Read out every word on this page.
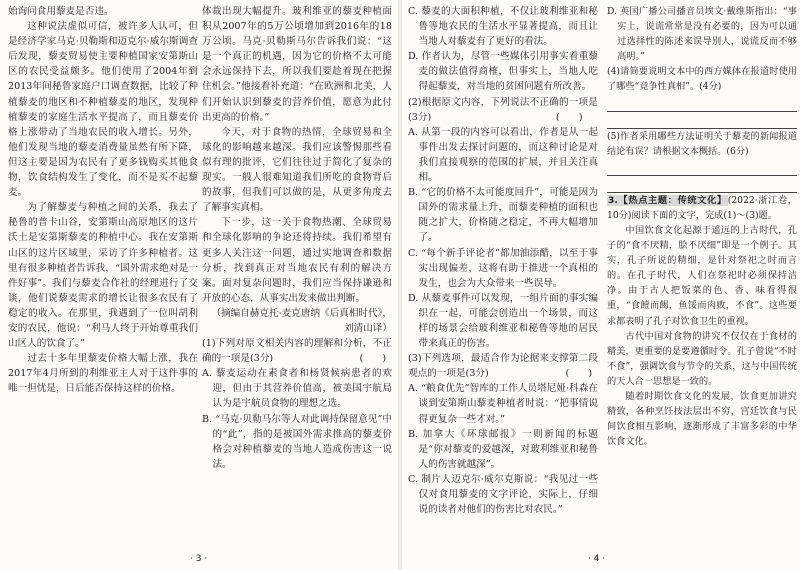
始询问食用藜麦是否违。

这种说法虚似可信，被许多人认可，但是经济学家马克·贝勒斯和迈克尔·威尔斯调查后发现，藜麦贸易使主要种植国家安第斯山区的农民受益颇多。他们使用了2004年到2013年间秘鲁家庭户口调查数据，比较了种植藜麦的地区和不种植藜麦的地区，发现种植藜麦的家庭生活水平提高了，而且藜麦价格上涨带动了当地农民的收入增长。另外，他们发现当地的藜麦消费量虽然有所下降，但这主要是因为农民有了更多钱购买其他食物，饮食结构发生了变化，而不是买不起藜麦。

为了解藜麦与种植之间的关系，我去了秘鲁的普卡山谷，安第斯山高原地区的这片沃土是安第斯藜麦的种植中心。我在安第斯山区的这片区域里，采访了许多种植者。这里有很多种植者告诉我，“国外需求绝对是一件好事”。我们与藜麦合作社的经理进行了交谈，他们说藜麦需求的增长让很多农民有了稳定的收入。在那里，我遇到了一位叫胡利安的农民，他说：“利马人终于开始尊重我们山区人的饮食了。”

过去十多年里藜麦价格大幅上涨，我在2017年4月所到的利维亚主人对于这件事的唯一担忧是，日后能否保持这样的价格。

体裁出现大幅提升。玻利维亚的藜麦种植面积从2007年的5万公顷增加到2016年的18万公顷。马克·贝勒斯马尔告诉我们说：“这是一个真正的机遇，因为它的价格不太可能会永远保持下去，所以我们要趁着现在把握住机会。”他接着补充道：“在欧洲和北美，人们开始认识到藜麦的营养价值，愿意为此付出更高的价格。”

今天，对于食物的热情，全球贸易和全球化的影响越来越深。我们应该警惕那些看似有理的批评，它们往往过于简化了复杂的现实。一般人很难知道我们所吃的食物背后的故事，但我们可以做的是，从更多角度去了解事实真相。

下一步，这一关于食物热潮、全球贸易和全球化影响的争论还将持续。我们希望有更多人关注这一问题，通过实地调查和数据分析，找到真正对当地农民有利的解决方案。面对复杂问题时，我们应当保持谦逊和开放的心态，从事实出发来做出判断。

（摘编自赫克托·麦克唐纳《后真相时代》，刘清山译）

(1)下列对原文相关内容的理解和分析，不正确的一项是(3分)　　　　　　　　　(　　)

A. 藜麦运动在素食者和杨贤候病患者的欢迎，但由于其营养价值高，被美国宇航局认为是宇航员食物的理想之选。

B. “马克·贝勒马尔等人对此调持保留意见”中的“此”，指的是被国外需求推高的藜麦价格会对种植藜麦的当地人造成伤害这一说法。

· 3 ·

C. 藜麦的大面积种植，不仅让玻利维亚和秘鲁等地农民的生活水平显著提高，而且让当地人对藜麦有了更好的看法。

D. 作者认为，尽管一些媒体引用事实着重藜麦的做法值得商榷，但事实上，当地人吃得起藜麦，对当地的贫困问题有所改善。

(2)根据原文内容，下列说法不正确的一项是(3分)　　　　　　　　　　　　　(　　)

A. 从第一段的内容可以看出，作者是从一起事件出发去探讨问题的，而这种讨论是对我们直接观察的范围的扩展，并且关注真相。

B. “它的价格不太可能度回升”，可能是因为国外的需求量上升，而藜麦种植的面积也随之扩大，价格随之稳定，不再大幅增加了。

C. “每个新手评论者”都加油添醋，以至于事实出现偏差，这将有助于推进一个真相的发生，也会为大众带来一些误导。

D. 从藜麦事件可以发现，一组片面的事实编织在一起，可能会创造出一个场景，而这样的场景会给玻利维亚和秘鲁等地的居民带来真正的伤害。

(3)下列选项，最适合作为论据来支撑第二段观点的一项是(3分)　　　　　　　　(　　)

A. “粮食优先”智库的工作人员塔尼娅·科森在谈到安第斯山藜麦种植者时说：“把事情说得更复杂一些才对。”

B. 加拿大《环球邮报》一则新闻的标题是“你对藜麦的爱越深，对玻利维亚和秘鲁人的伤害就越深”。

C. 制片人迈克尔·威尔克斯说：“我见过一些仅对食用藜麦的文字评论，实际上，仔细说的读者对他们的伤害比对农民。”

D. 英国广播公司播音员埃文·戴维斯指出：“事实上，说谎常常是没有必要的，因为可以通过选择性的陈述来误导别人，说谎反而不够高明。”

(4)请简要说明文本中的西方媒体在报道时使用了哪些“竞争性真相”。(4分)

(5)作者采用哪些方法证明关于藜麦的新闻报道结论有误？请根据文本概括。(6分)

3.【热点主题：传统文化】(2022·浙江卷，10分)阅读下面的文字，完成(1)～(3)题。

中国饮食文化起源于遥远的上古时代，孔子的“食不厌精，脍不厌细”即是一个例子。其实，孔子所说的精细，是针对祭祀之时而言的。在孔子时代，人们在祭祀时必须保持洁净。由于古人把饭菜的色、香、味看得很重，“食饐而餲，鱼馁而肉败，不食”。这些要求都表明了孔子对饮食卫生的重视。

古代中国对食物的讲究不仅仅在于食材的精美，更重要的是要遵循时令。孔子曾说“不时不食”，强调饮食与节令的关系，这与中国传统的天人合一思想是一致的。

随着时期饮食文化的发展，饮食更加讲究精致，各种烹饪技法层出不穷，宫廷饮食与民间饮食相互影响，逐渐形成了丰富多彩的中华饮食文化。

· 4 ·
